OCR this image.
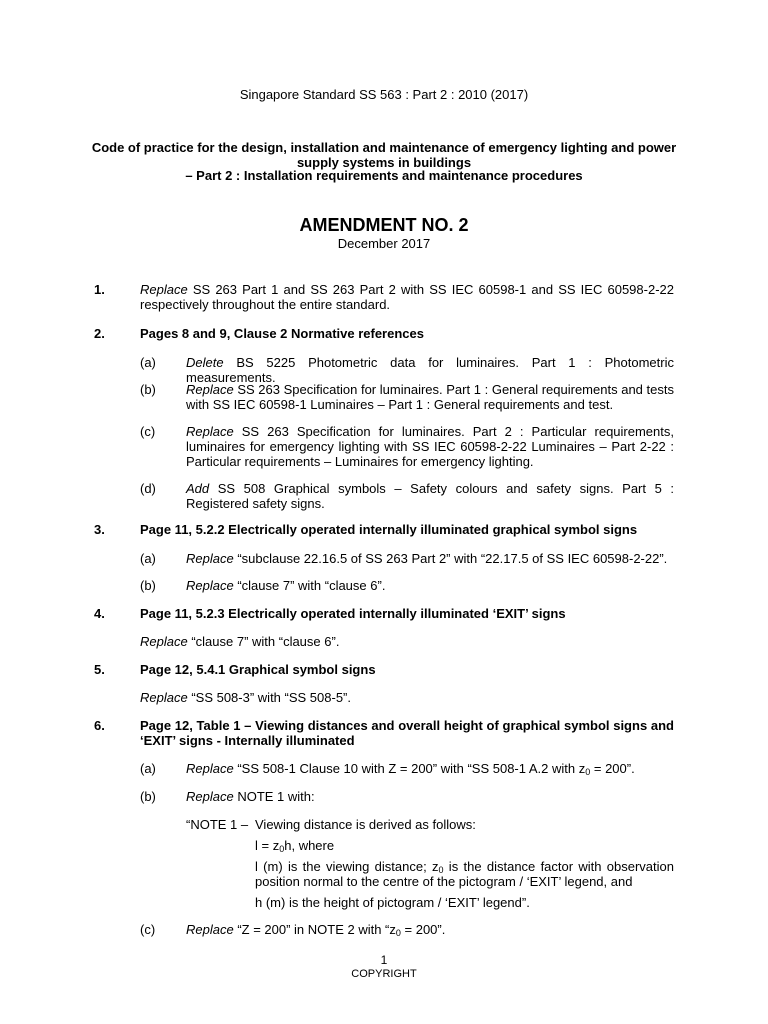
Singapore Standard SS 563 : Part 2 : 2010 (2017)
Code of practice for the design, installation and maintenance of emergency lighting and power
supply systems in buildings
– Part 2 : Installation requirements and maintenance procedures
AMENDMENT NO. 2
December 2017
1.	Replace SS 263 Part 1 and SS 263 Part 2 with SS IEC 60598-1 and SS IEC 60598-2-22
respectively throughout the entire standard.
2.	Pages 8 and 9, Clause 2 Normative references
(a) Delete BS 5225 Photometric data for luminaires. Part 1 : Photometric measurements.
(b) Replace SS 263 Specification for luminaires. Part 1 : General requirements and tests with SS IEC 60598-1 Luminaires – Part 1 : General requirements and test.
(c) Replace SS 263 Specification for luminaires. Part 2 : Particular requirements, luminaires for emergency lighting with SS IEC 60598-2-22 Luminaires – Part 2-22 : Particular requirements – Luminaires for emergency lighting.
(d) Add SS 508 Graphical symbols – Safety colours and safety signs. Part 5 : Registered safety signs.
3.	Page 11, 5.2.2 Electrically operated internally illuminated graphical symbol signs
(a) Replace “subclause 22.16.5 of SS 263 Part 2” with “22.17.5 of SS IEC 60598-2-22”.
(b) Replace “clause 7” with “clause 6”.
4.	Page 11, 5.2.3 Electrically operated internally illuminated ‘EXIT’ signs
Replace “clause 7” with “clause 6”.
5.	Page 12, 5.4.1 Graphical symbol signs
Replace “SS 508-3” with “SS 508-5”.
6.	Page 12, Table 1 – Viewing distances and overall height of graphical symbol signs and
‘EXIT’ signs - Internally illuminated
(a) Replace “SS 508-1 Clause 10 with Z = 200” with “SS 508-1 A.2 with $z_0 = 200$”.
(b) Replace NOTE 1 with:
“NOTE 1 – Viewing distance is derived as follows:
$l = z_0h$, where
l (m) is the viewing distance; $z_0$ is the distance factor with observation position normal to the centre of the pictogram / ‘EXIT’ legend, and
h (m) is the height of pictogram / ‘EXIT’ legend”.
(c) Replace “Z = 200” in NOTE 2 with “$z_0 = 200$”.
1
COPYRIGHT
